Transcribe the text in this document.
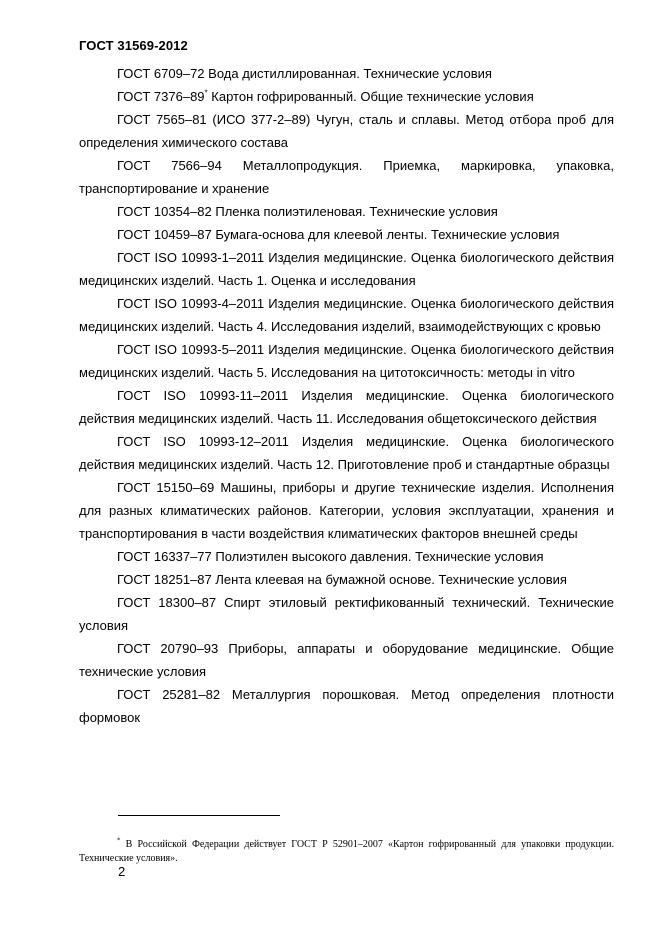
ГОСТ 31569-2012

ГОСТ 6709–72 Вода дистиллированная. Технические условия

ГОСТ 7376–89* Картон гофрированный. Общие технические условия

ГОСТ 7565–81 (ИСО 377-2–89) Чугун, сталь и сплавы. Метод отбора проб для определения химического состава

ГОСТ 7566–94 Металлопродукция. Приемка, маркировка, упаковка, транспортирование и хранение

ГОСТ 10354–82 Пленка полиэтиленовая. Технические условия

ГОСТ 10459–87 Бумага-основа для клеевой ленты. Технические условия

ГОСТ ISO 10993-1–2011 Изделия медицинские. Оценка биологического действия медицинских изделий. Часть 1. Оценка и исследования

ГОСТ ISO 10993-4–2011 Изделия медицинские. Оценка биологического действия медицинских изделий. Часть 4. Исследования изделий, взаимодействующих с кровью

ГОСТ ISO 10993-5–2011 Изделия медицинские. Оценка биологического действия медицинских изделий. Часть 5. Исследования на цитотоксичность: методы in vitro

ГОСТ ISO 10993-11–2011 Изделия медицинские. Оценка биологического действия медицинских изделий. Часть 11. Исследования общетоксического действия

ГОСТ ISO 10993-12–2011 Изделия медицинские. Оценка биологического действия медицинских изделий. Часть 12. Приготовление проб и стандартные образцы

ГОСТ 15150–69 Машины, приборы и другие технические изделия. Исполнения для разных климатических районов. Категории, условия эксплуатации, хранения и транспортирования в части воздействия климатических факторов внешней среды

ГОСТ 16337–77 Полиэтилен высокого давления. Технические условия

ГОСТ 18251–87 Лента клеевая на бумажной основе. Технические условия

ГОСТ 18300–87 Спирт этиловый ректификованный технический. Технические условия

ГОСТ 20790–93 Приборы, аппараты и оборудование медицинские. Общие технические условия

ГОСТ 25281–82 Металлургия порошковая. Метод определения плотности формовок

* В Российской Федерации действует ГОСТ Р 52901–2007 «Картон гофрированный для упаковки продукции. Технические условия».
2
